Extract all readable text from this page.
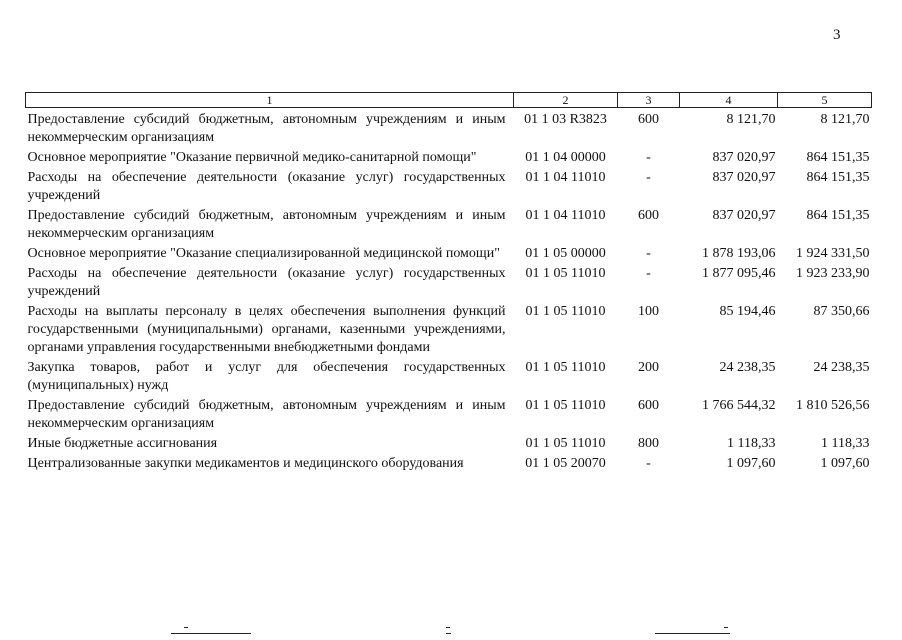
3
1	2	3	4	5

Предоставление субсидий бюджетным, автономным учреждениям и иным некоммерческим организациям	01 1 03 R3823	600	8 121,70	8 121,70
Основное мероприятие "Оказание первичной медико-санитарной помощи"	01 1 04 00000	-	837 020,97	864 151,35
Расходы на обеспечение деятельности (оказание услуг) государственных учреждений	01 1 04 11010	-	837 020,97	864 151,35
Предоставление субсидий бюджетным, автономным учреждениям и иным некоммерческим организациям	01 1 04 11010	600	837 020,97	864 151,35
Основное мероприятие "Оказание специализированной медицинской помощи"	01 1 05 00000	-	1 878 193,06	1 924 331,50
Расходы на обеспечение деятельности (оказание услуг) государственных учреждений	01 1 05 11010	-	1 877 095,46	1 923 233,90
Расходы на выплаты персоналу в целях обеспечения выполнения функций государственными (муниципальными) органами, казенными учреждениями, органами управления государственными внебюджетными фондами	01 1 05 11010	100	85 194,46	87 350,66
Закупка товаров, работ и услуг для обеспечения государственных (муниципальных) нужд	01 1 05 11010	200	24 238,35	24 238,35
Предоставление субсидий бюджетным, автономным учреждениям и иным некоммерческим организациям	01 1 05 11010	600	1 766 544,32	1 810 526,56
Иные бюджетные ассигнования	01 1 05 11010	800	1 118,33	1 118,33
Централизованные закупки медикаментов и медицинского оборудования	01 1 05 20070	-	1 097,60	1 097,60
